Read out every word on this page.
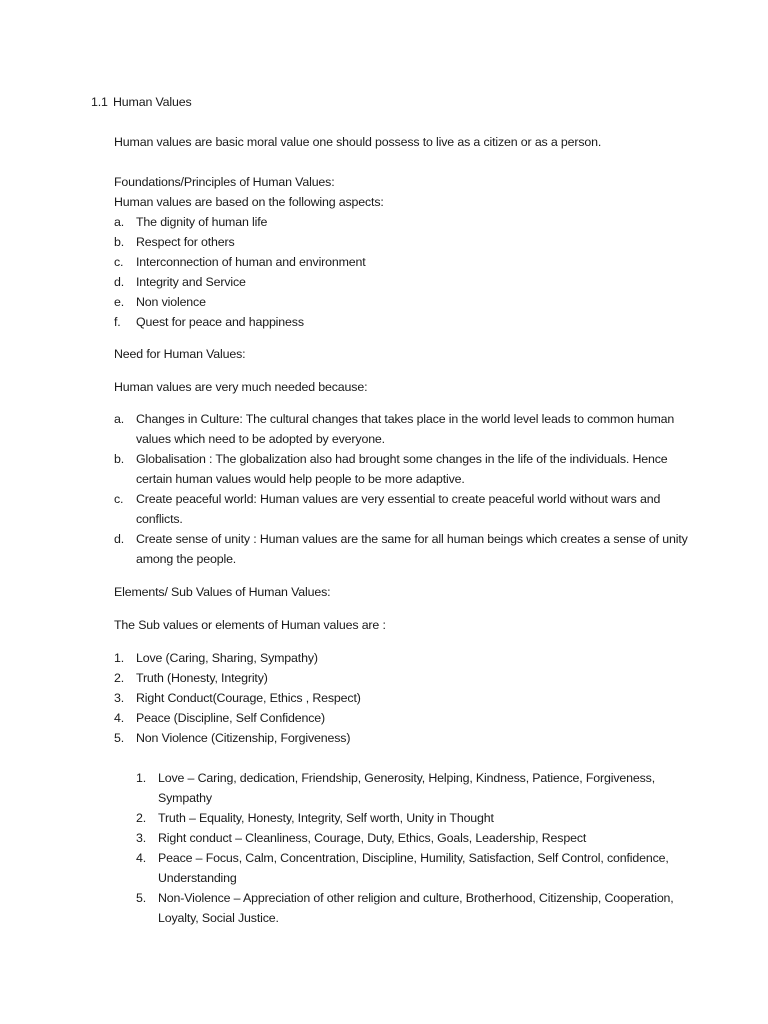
1.1 Human Values
Human values are basic moral value one should possess to live as a citizen or as a person.
Foundations/Principles of Human Values:
Human values are based on the following aspects:
a. The dignity of human life
b. Respect for others
c. Interconnection of human and environment
d. Integrity and Service
e. Non violence
f. Quest for peace and happiness
Need for Human Values:
Human values are very much needed because:
a. Changes in Culture: The cultural changes that takes place in the world level leads to common human values which need to be adopted by everyone.
b. Globalisation : The globalization also had brought some changes in the life of the individuals. Hence certain human values would help people to be more adaptive.
c. Create peaceful world: Human values are very essential to create peaceful world without wars and conflicts.
d. Create sense of unity : Human values are the same for all human beings which creates a sense of unity among the people.
Elements/ Sub Values of Human Values:
The Sub values or elements of Human values are :
1. Love (Caring, Sharing, Sympathy)
2. Truth (Honesty, Integrity)
3. Right Conduct(Courage, Ethics , Respect)
4. Peace (Discipline, Self Confidence)
5. Non Violence (Citizenship, Forgiveness)
1. Love – Caring, dedication, Friendship, Generosity, Helping, Kindness, Patience, Forgiveness, Sympathy
2. Truth – Equality, Honesty, Integrity, Self worth, Unity in Thought
3. Right conduct – Cleanliness, Courage, Duty, Ethics, Goals, Leadership, Respect
4. Peace – Focus, Calm, Concentration, Discipline, Humility, Satisfaction, Self Control, confidence, Understanding
5. Non-Violence – Appreciation of other religion and culture, Brotherhood, Citizenship, Cooperation, Loyalty, Social Justice.
